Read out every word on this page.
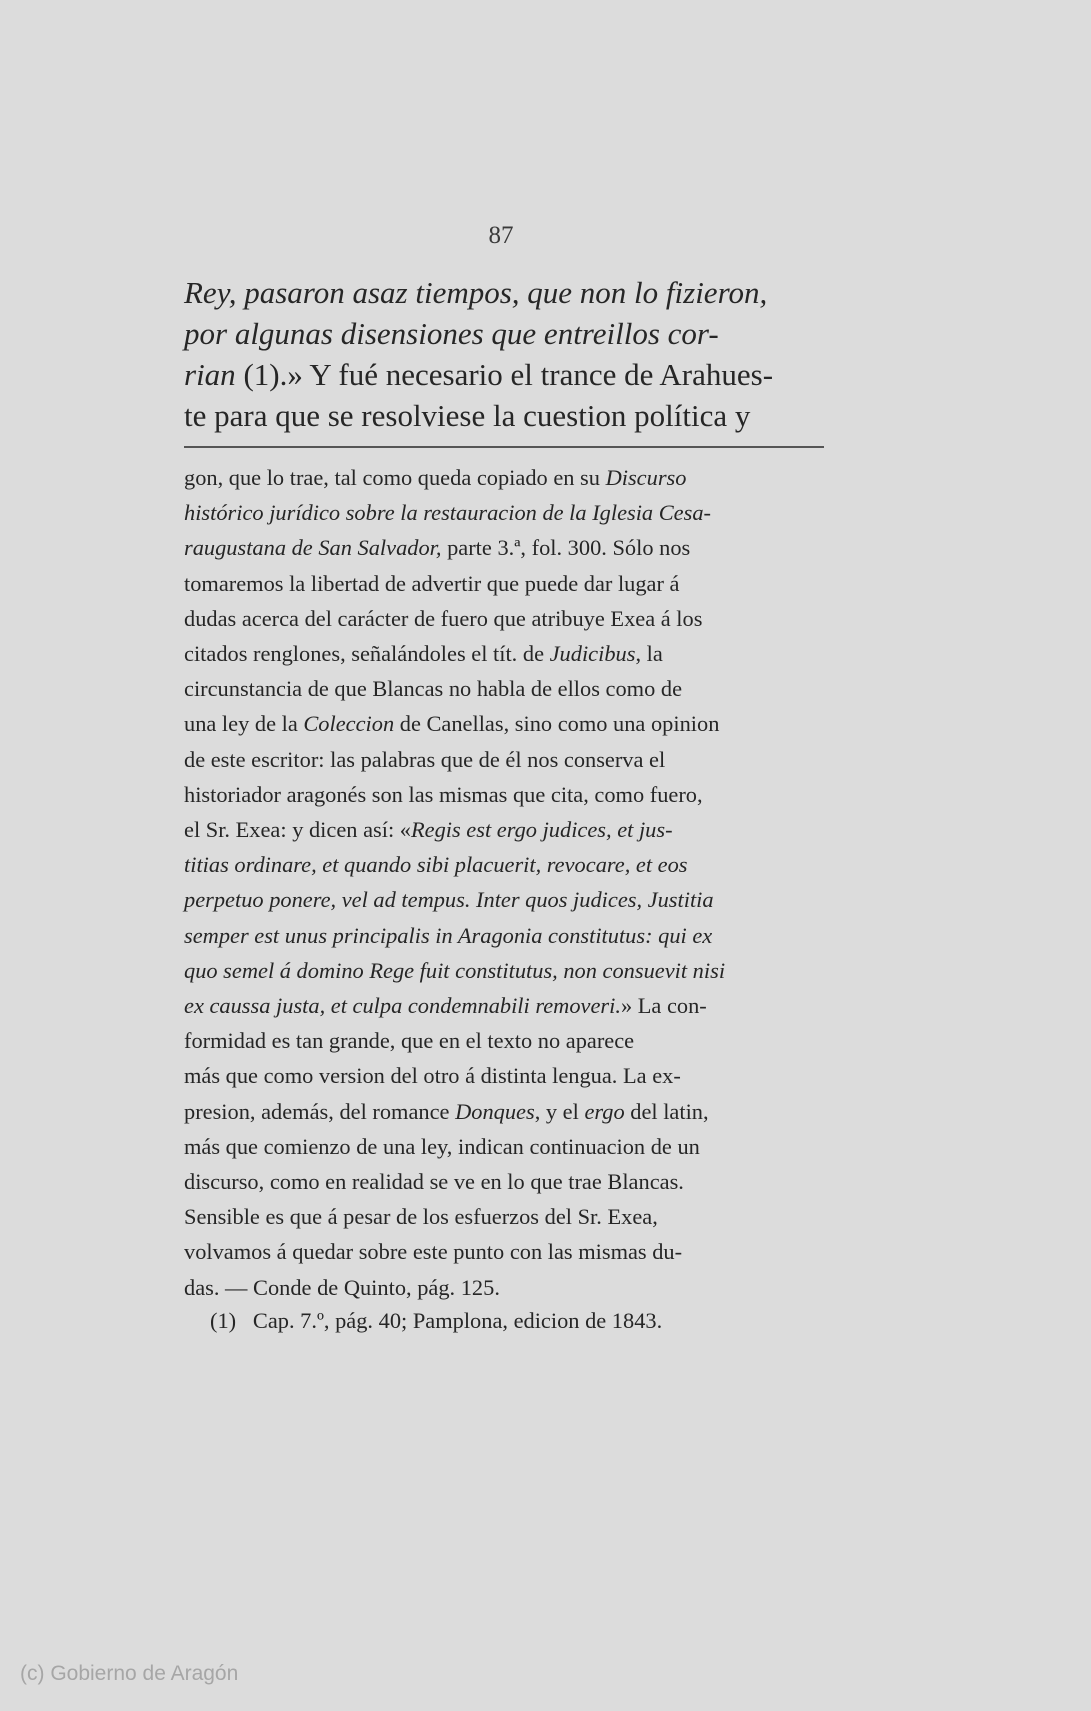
87
Rey, pasaron asaz tiempos, que non lo fizieron,
por algunas disensiones que entreillos cor-
rian (1).» Y fué necesario el trance de Arahues-
te para que se resolviese la cuestion política y
gon, que lo trae, tal como queda copiado en su Discurso
histórico jurídico sobre la restauracion de la Iglesia Cesa-
raugustana de San Salvador, parte 3.ª, fol. 300. Sólo nos
tomaremos la libertad de advertir que puede dar lugar á
dudas acerca del carácter de fuero que atribuye Exea á los
citados renglones, señalándoles el tít. de Judicibus, la
circunstancia de que Blancas no habla de ellos como de
una ley de la Coleccion de Canellas, sino como una opinion
de este escritor: las palabras que de él nos conserva el
historiador aragonés son las mismas que cita, como fuero,
el Sr. Exea: y dicen así: «Regis est ergo judices, et jus-
titias ordinare, et quando sibi placuerit, revocare, et eos
perpetuo ponere, vel ad tempus. Inter quos judices, Justitia
semper est unus principalis in Aragonia constitutus: qui ex
quo semel á domino Rege fuit constitutus, non consuevit nisi
ex caussa justa, et culpa condemnabili removeri.» La con-
formidad es tan grande, que en el texto no aparece
más que como version del otro á distinta lengua. La ex-
presion, además, del romance Donques, y el ergo del latin,
más que comienzo de una ley, indican continuacion de un
discurso, como en realidad se ve en lo que trae Blancas.
Sensible es que á pesar de los esfuerzos del Sr. Exea,
volvamos á quedar sobre este punto con las mismas du-
das. — Conde de Quinto, pág. 125.
(1)   Cap. 7.º, pág. 40; Pamplona, edicion de 1843.
(c) Gobierno de Aragón
